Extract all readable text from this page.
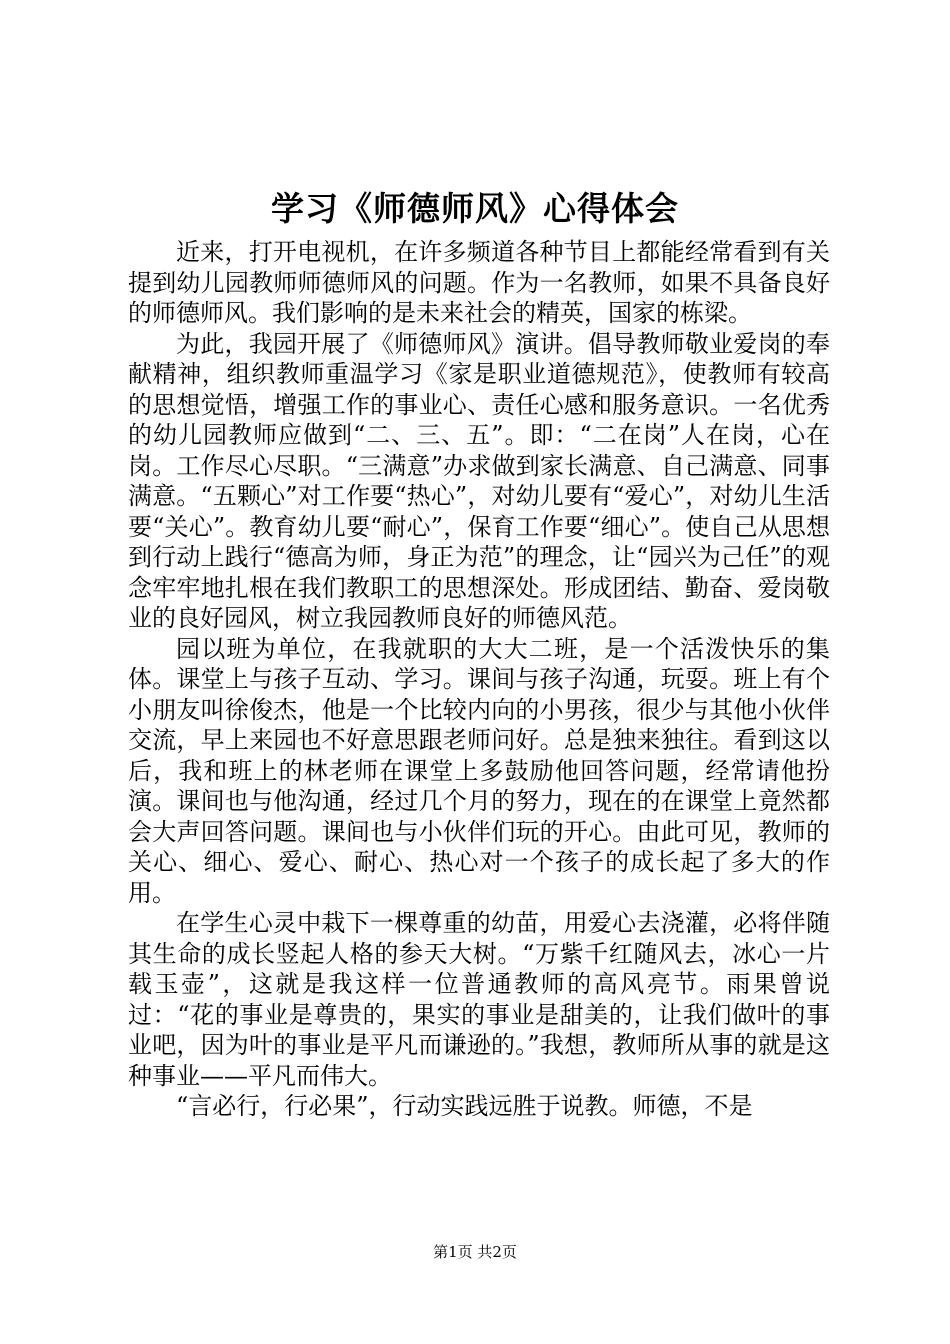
学习《师德师风》心得体会

近来，打开电视机，在许多频道各种节目上都能经常看到有关提到幼儿园教师师德师风的问题。作为一名教师，如果不具备良好的师德师风。我们影响的是未来社会的精英，国家的栋梁。

为此，我园开展了《师德师风》演讲。倡导教师敬业爱岗的奉献精神，组织教师重温学习《家是职业道德规范》，使教师有较高的思想觉悟，增强工作的事业心、责任心感和服务意识。一名优秀的幼儿园教师应做到“二、三、五”。即：“二在岗”人在岗，心在岗。工作尽心尽职。“三满意”办求做到家长满意、自己满意、同事满意。“五颗心”对工作要“热心”，对幼儿要有“爱心”，对幼儿生活要“关心”。教育幼儿要“耐心”，保育工作要“细心”。使自己从思想到行动上践行“德高为师，身正为范”的理念，让“园兴为己任”的观念牢牢地扎根在我们教职工的思想深处。形成团结、勤奋、爱岗敬业的良好园风，树立我园教师良好的师德风范。

园以班为单位，在我就职的大大二班，是一个活泼快乐的集体。课堂上与孩子互动、学习。课间与孩子沟通，玩耍。班上有个小朋友叫徐俊杰，他是一个比较内向的小男孩，很少与其他小伙伴交流，早上来园也不好意思跟老师问好。总是独来独往。看到这以后，我和班上的林老师在课堂上多鼓励他回答问题，经常请他扮演。课间也与他沟通，经过几个月的努力，现在的在课堂上竟然都会大声回答问题。课间也与小伙伴们玩的开心。由此可见，教师的关心、细心、爱心、耐心、热心对一个孩子的成长起了多大的作用。

在学生心灵中栽下一棵尊重的幼苗，用爱心去浇灌，必将伴随其生命的成长竖起人格的参天大树。“万紫千红随风去，冰心一片载玉壶”，这就是我这样一位普通教师的高风亮节。雨果曾说过：“花的事业是尊贵的，果实的事业是甜美的，让我们做叶的事业吧，因为叶的事业是平凡而谦逊的。”我想，教师所从事的就是这种事业——平凡而伟大。

“言必行，行必果”，行动实践远胜于说教。师德，不是

第1页 共2页
